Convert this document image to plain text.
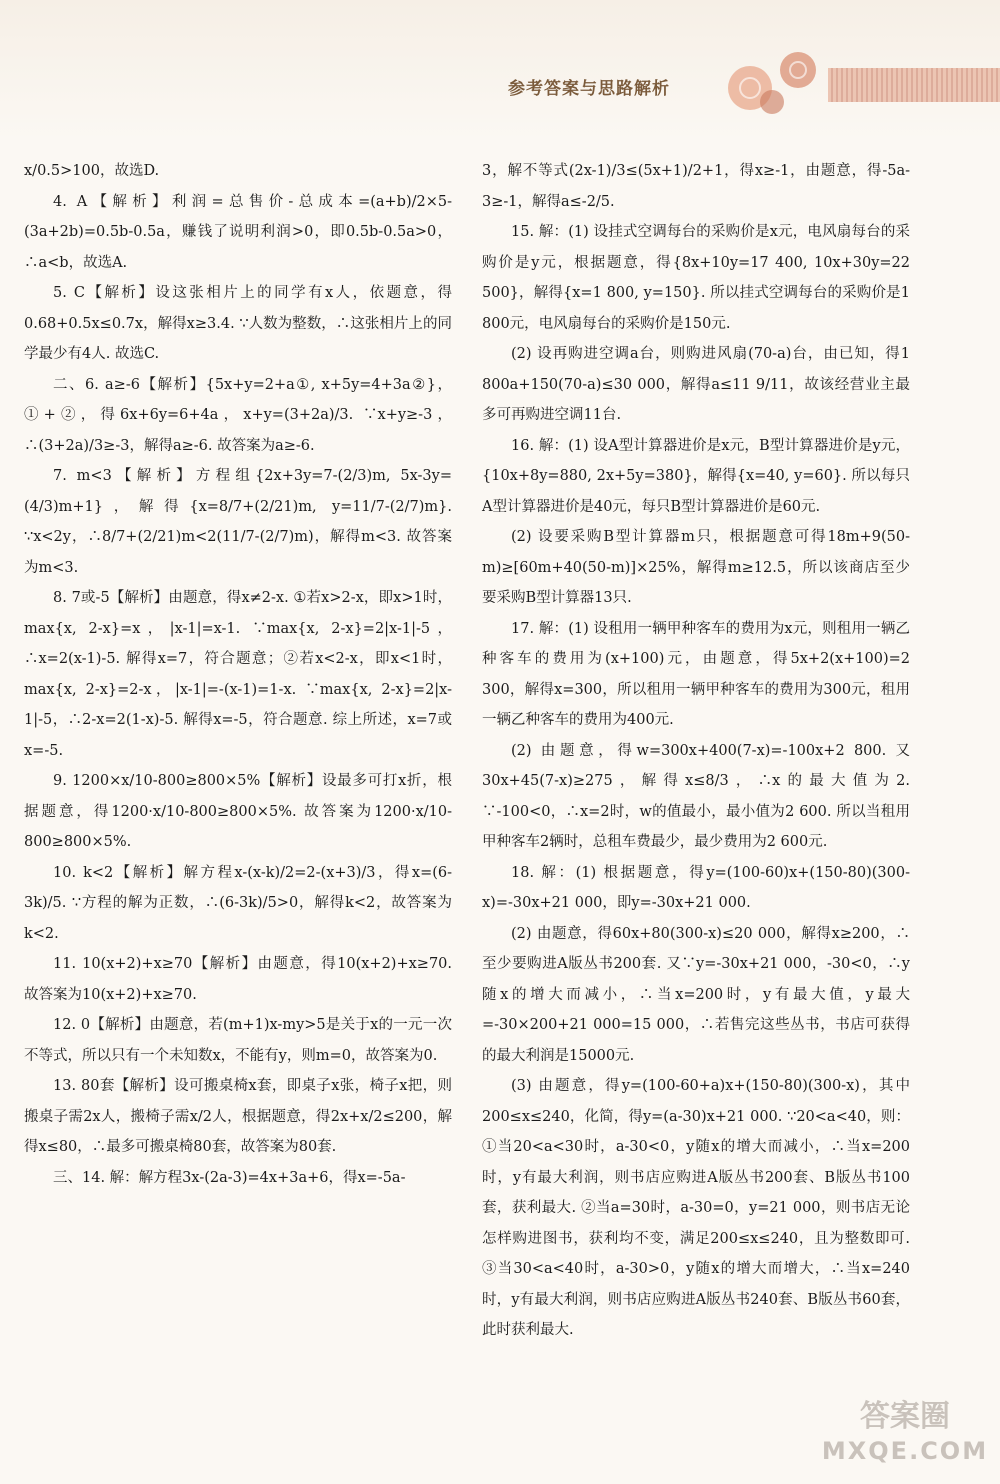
参考答案与思路解析

x/0.5>100，故选D.

4. A【解析】利润=总售价-总成本=(a+b)/2×5-(3a+2b)=0.5b-0.5a，赚钱了说明利润>0，即0.5b-0.5a>0，∴a<b，故选A.

5. C【解析】设这张相片上的同学有x人，依题意，得0.68+0.5x≤0.7x，解得x≥3.4. ∵人数为整数，∴这张相片上的同学最少有4人. 故选C.

二、6. a≥-6【解析】{5x+y=2+a①, x+5y=4+3a②}，①+②，得6x+6y=6+4a，x+y=(3+2a)/3. ∵x+y≥-3，∴(3+2a)/3≥-3，解得a≥-6. 故答案为a≥-6.

7. m<3【解析】方程组{2x+3y=7-(2/3)m, 5x-3y=(4/3)m+1}，解得{x=8/7+(2/21)m, y=11/7-(2/7)m}. ∵x<2y，∴8/7+(2/21)m<2(11/7-(2/7)m)，解得m<3. 故答案为m<3.

8. 7或-5【解析】由题意，得x≠2-x. ①若x>2-x，即x>1时，max{x, 2-x}=x，|x-1|=x-1. ∵max{x, 2-x}=2|x-1|-5，∴x=2(x-1)-5. 解得x=7，符合题意；②若x<2-x，即x<1时，max{x, 2-x}=2-x，|x-1|=-(x-1)=1-x. ∵max{x, 2-x}=2|x-1|-5，∴2-x=2(1-x)-5. 解得x=-5，符合题意. 综上所述，x=7或x=-5.

9. 1200×x/10-800≥800×5%【解析】设最多可打x折，根据题意，得1200·x/10-800≥800×5%. 故答案为1200·x/10-800≥800×5%.

10. k<2【解析】解方程x-(x-k)/2=2-(x+3)/3，得x=(6-3k)/5. ∵方程的解为正数，∴(6-3k)/5>0，解得k<2，故答案为k<2.

11. 10(x+2)+x≥70【解析】由题意，得10(x+2)+x≥70. 故答案为10(x+2)+x≥70.

12. 0【解析】由题意，若(m+1)x-my>5是关于x的一元一次不等式，所以只有一个未知数x，不能有y，则m=0，故答案为0.

13. 80套【解析】设可搬桌椅x套，即桌子x张，椅子x把，则搬桌子需2x人，搬椅子需x/2人，根据题意，得2x+x/2≤200，解得x≤80，∴最多可搬桌椅80套，故答案为80套.

三、14. 解：解方程3x-(2a-3)=4x+3a+6，得x=-5a-

3，解不等式(2x-1)/3≤(5x+1)/2+1，得x≥-1，由题意，得-5a-3≥-1，解得a≤-2/5.

15. 解：(1) 设挂式空调每台的采购价是x元，电风扇每台的采购价是y元，根据题意，得{8x+10y=17 400, 10x+30y=22 500}，解得{x=1 800, y=150}. 所以挂式空调每台的采购价是1 800元，电风扇每台的采购价是150元.

(2) 设再购进空调a台，则购进风扇(70-a)台，由已知，得1 800a+150(70-a)≤30 000，解得a≤11 9/11，故该经营业主最多可再购进空调11台.

16. 解：(1) 设A型计算器进价是x元，B型计算器进价是y元，{10x+8y=880, 2x+5y=380}，解得{x=40, y=60}. 所以每只A型计算器进价是40元，每只B型计算器进价是60元.

(2) 设要采购B型计算器m只，根据题意可得18m+9(50-m)≥[60m+40(50-m)]×25%，解得m≥12.5，所以该商店至少要采购B型计算器13只.

17. 解：(1) 设租用一辆甲种客车的费用为x元，则租用一辆乙种客车的费用为(x+100)元，由题意，得5x+2(x+100)=2 300，解得x=300，所以租用一辆甲种客车的费用为300元，租用一辆乙种客车的费用为400元.

(2) 由题意，得w=300x+400(7-x)=-100x+2 800. 又30x+45(7-x)≥275，解得x≤8/3，∴x的最大值为2. ∵-100<0，∴x=2时，w的值最小，最小值为2 600. 所以当租用甲种客车2辆时，总租车费最少，最少费用为2 600元.

18. 解：(1) 根据题意，得y=(100-60)x+(150-80)(300-x)=-30x+21 000，即y=-30x+21 000.

(2) 由题意，得60x+80(300-x)≤20 000，解得x≥200，∴至少要购进A版丛书200套. 又∵y=-30x+21 000，-30<0，∴y随x的增大而减小，∴当x=200时，y有最大值，y最大=-30×200+21 000=15 000，∴若售完这些丛书，书店可获得的最大利润是15000元.

(3) 由题意，得y=(100-60+a)x+(150-80)(300-x)，其中200≤x≤240，化简，得y=(a-30)x+21 000. ∵20<a<40，则：①当20<a<30时，a-30<0，y随x的增大而减小，∴当x=200时，y有最大利润，则书店应购进A版丛书200套、B版丛书100套，获利最大. ②当a=30时，a-30=0，y=21 000，则书店无论怎样购进图书，获利均不变，满足200≤x≤240，且为整数即可. ③当30<a<40时，a-30>0，y随x的增大而增大，∴当x=240时，y有最大利润，则书店应购进A版丛书240套、B版丛书60套，此时获利最大.

答案圈
MXQE.COM
